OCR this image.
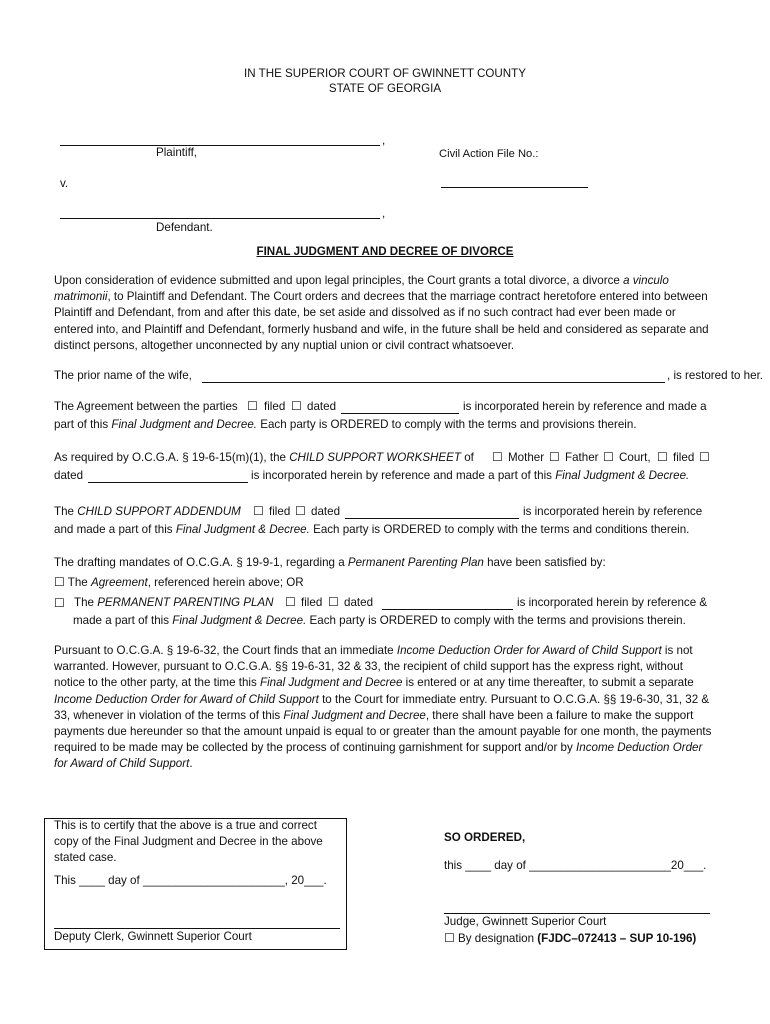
IN THE SUPERIOR COURT OF GWINNETT COUNTY
STATE OF GEORGIA
,
Plaintiff,	Civil Action File No.:
v.
,
Defendant.
FINAL JUDGMENT AND DECREE OF DIVORCE
Upon consideration of evidence submitted and upon legal principles, the Court grants a total divorce, a divorce a vinculo matrimonii, to Plaintiff and Defendant. The Court orders and decrees that the marriage contract heretofore entered into between Plaintiff and Defendant, from and after this date, be set aside and dissolved as if no such contract had ever been made or entered into, and Plaintiff and Defendant, formerly husband and wife, in the future shall be held and considered as separate and distinct persons, altogether unconnected by any nuptial union or civil contract whatsoever.
The prior name of the wife,	, is restored to her.
The Agreement between the parties ☐ filed ☐ dated	is incorporated herein by reference and made a
part of this Final Judgment and Decree. Each party is ORDERED to comply with the terms and provisions therein.
As required by O.C.G.A. § 19-6-15(m)(1), the CHILD SUPPORT WORKSHEET of ☐ Mother ☐ Father ☐ Court, ☐ filed ☐
dated	is incorporated herein by reference and made a part of this Final Judgment & Decree.
The CHILD SUPPORT ADDENDUM ☐ filed ☐ dated	is incorporated herein by reference
and made a part of this Final Judgment & Decree. Each party is ORDERED to comply with the terms and conditions therein.
The drafting mandates of O.C.G.A. § 19-9-1, regarding a Permanent Parenting Plan have been satisfied by:
☐ The Agreement, referenced herein above; OR
☐ The PERMANENT PARENTING PLAN ☐ filed ☐ dated	is incorporated herein by reference &
made a part of this Final Judgment & Decree. Each party is ORDERED to comply with the terms and provisions therein.
Pursuant to O.C.G.A. § 19-6-32, the Court finds that an immediate Income Deduction Order for Award of Child Support is not warranted. However, pursuant to O.C.G.A. §§ 19-6-31, 32 & 33, the recipient of child support has the express right, without notice to the other party, at the time this Final Judgment and Decree is entered or at any time thereafter, to submit a separate Income Deduction Order for Award of Child Support to the Court for immediate entry. Pursuant to O.C.G.A. §§ 19-6-30, 31, 32 & 33, whenever in violation of the terms of this Final Judgment and Decree, there shall have been a failure to make the support payments due hereunder so that the amount unpaid is equal to or greater than the amount payable for one month, the payments required to be made may be collected by the process of continuing garnishment for support and/or by Income Deduction Order for Award of Child Support.
This is to certify that the above is a true and correct copy of the Final Judgment and Decree in the above stated case.
This ____ day of ______________________, 20___.
Deputy Clerk, Gwinnett Superior Court
SO ORDERED,
this ____ day of ______________________20___.
Judge, Gwinnett Superior Court
☐ By designation (FJDC–072413 – SUP 10-196)
